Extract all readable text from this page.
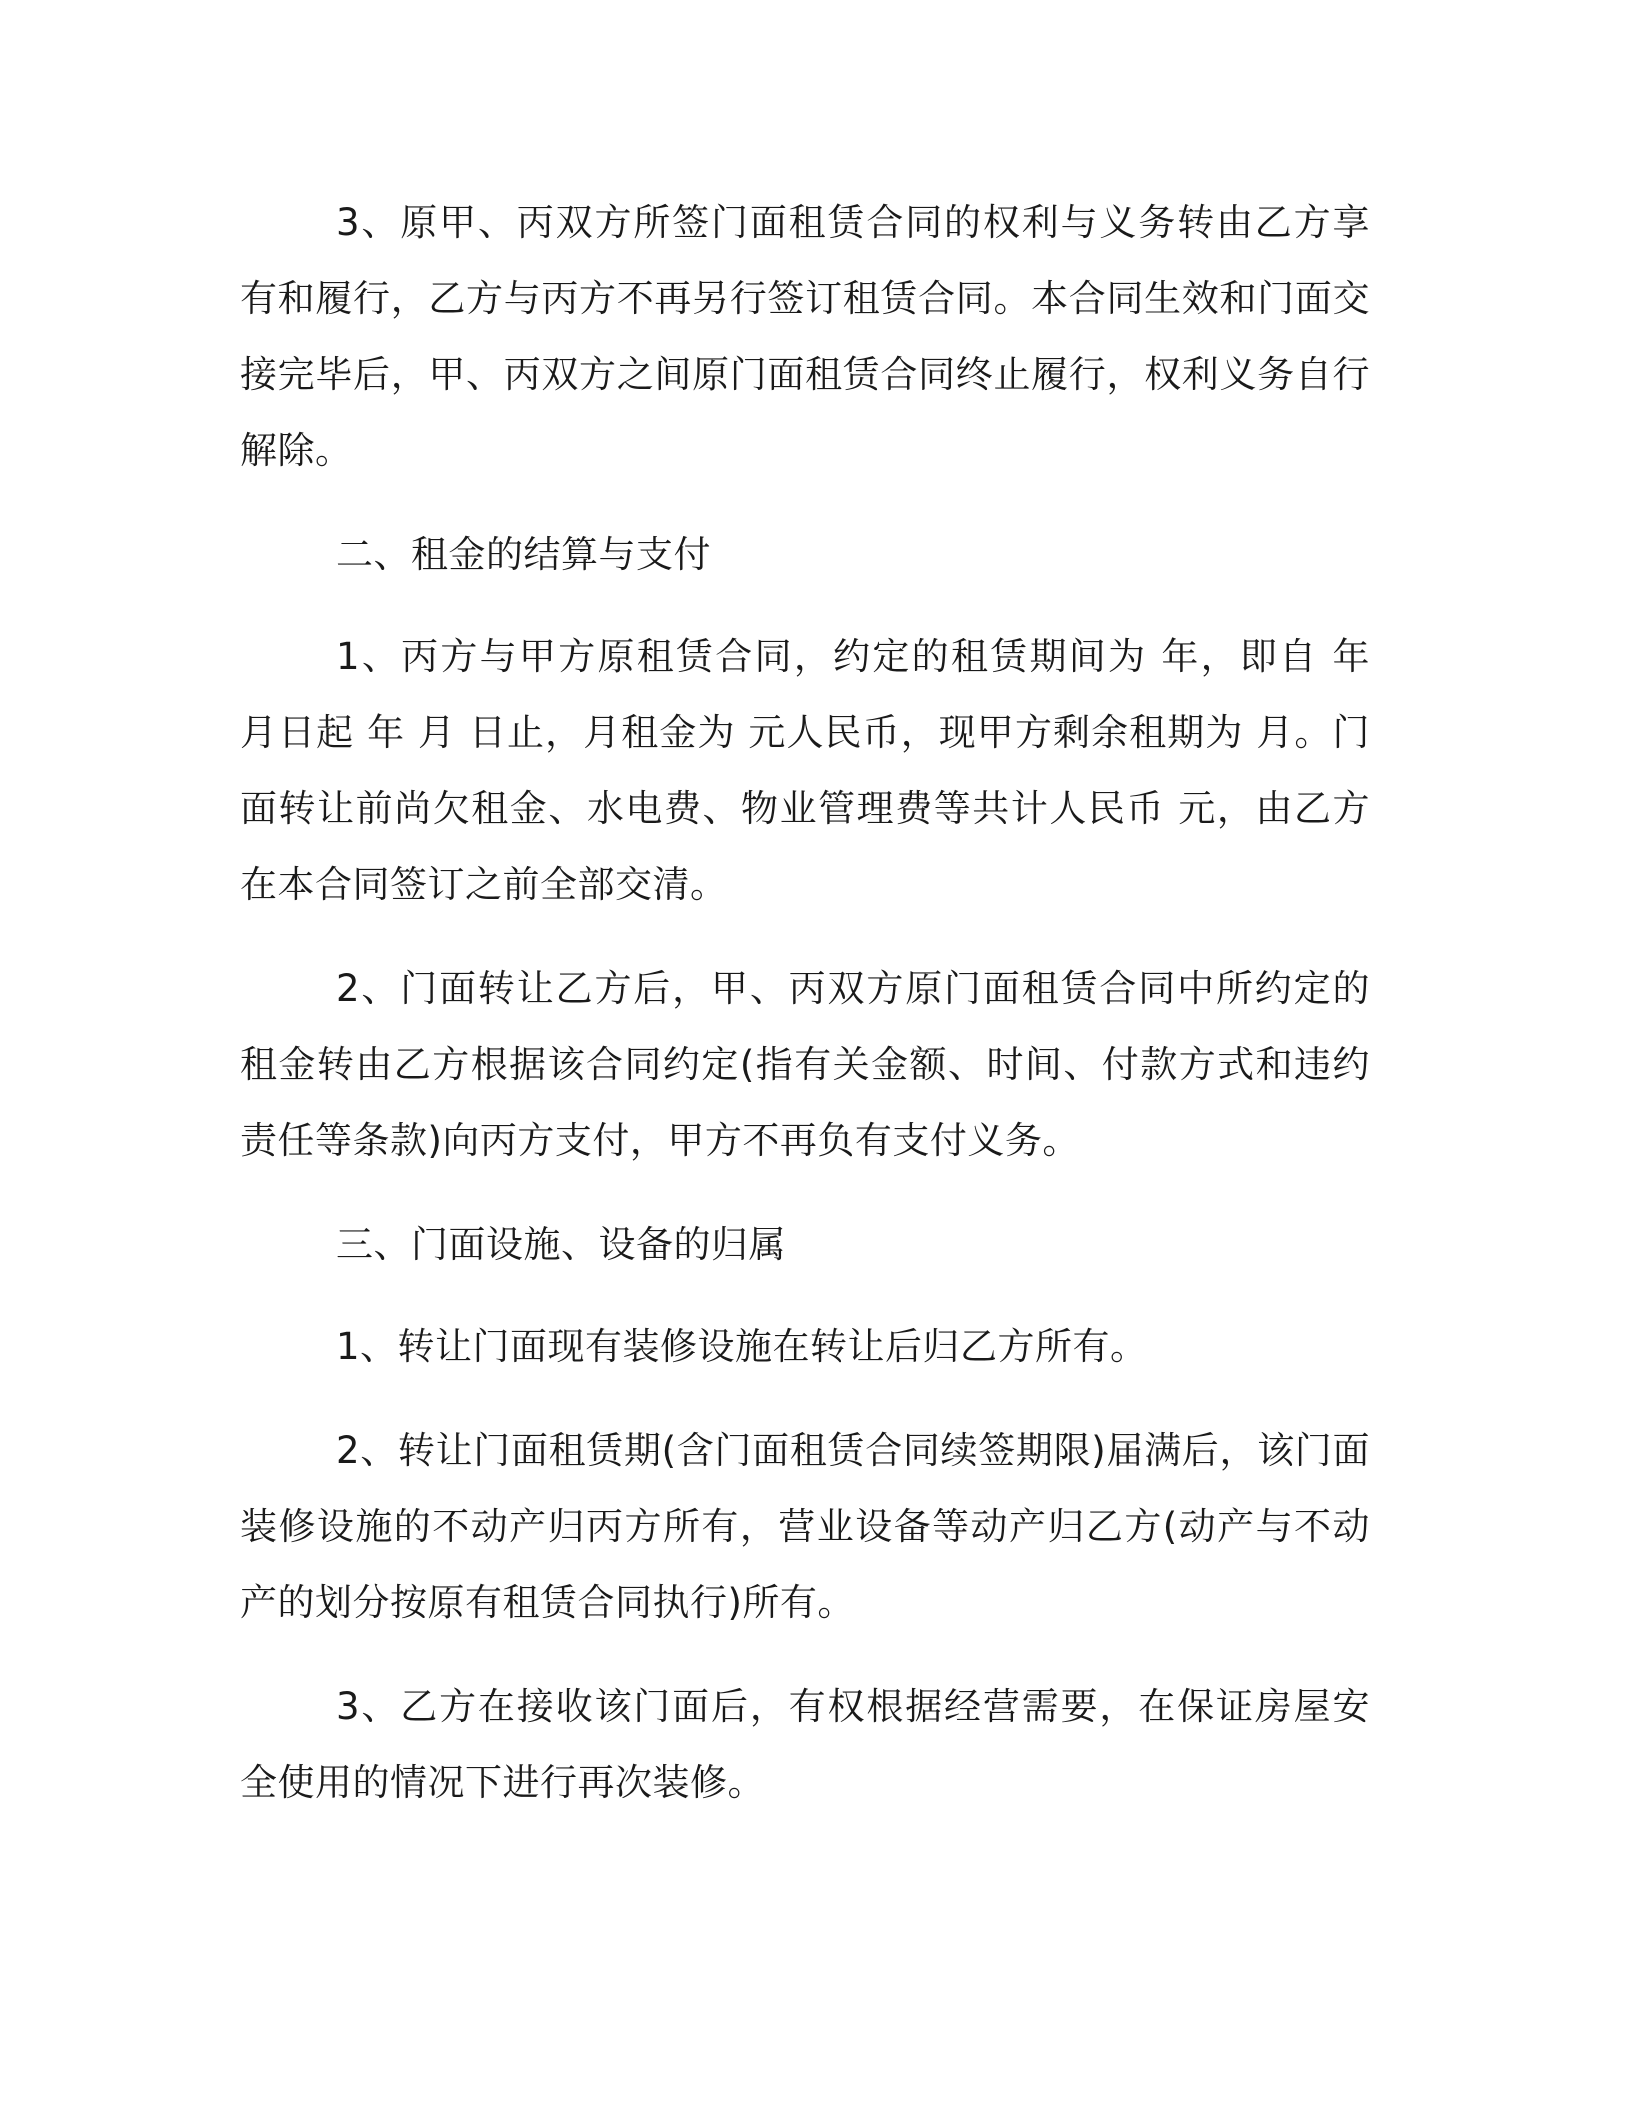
3、原甲、丙双方所签门面租赁合同的权利与义务转由乙方享有和履行，乙方与丙方不再另行签订租赁合同。本合同生效和门面交接完毕后，甲、丙双方之间原门面租赁合同终止履行，权利义务自行解除。

二、租金的结算与支付

1、丙方与甲方原租赁合同，约定的租赁期间为 年，即自 年 月日起 年 月 日止，月租金为 元人民币，现甲方剩余租期为 月。门面转让前尚欠租金、水电费、物业管理费等共计人民币 元，由乙方在本合同签订之前全部交清。

2、门面转让乙方后，甲、丙双方原门面租赁合同中所约定的租金转由乙方根据该合同约定(指有关金额、时间、付款方式和违约责任等条款)向丙方支付，甲方不再负有支付义务。

三、门面设施、设备的归属

1、转让门面现有装修设施在转让后归乙方所有。

2、转让门面租赁期(含门面租赁合同续签期限)届满后，该门面装修设施的不动产归丙方所有，营业设备等动产归乙方(动产与不动产的划分按原有租赁合同执行)所有。

3、乙方在接收该门面后，有权根据经营需要，在保证房屋安全使用的情况下进行再次装修。
